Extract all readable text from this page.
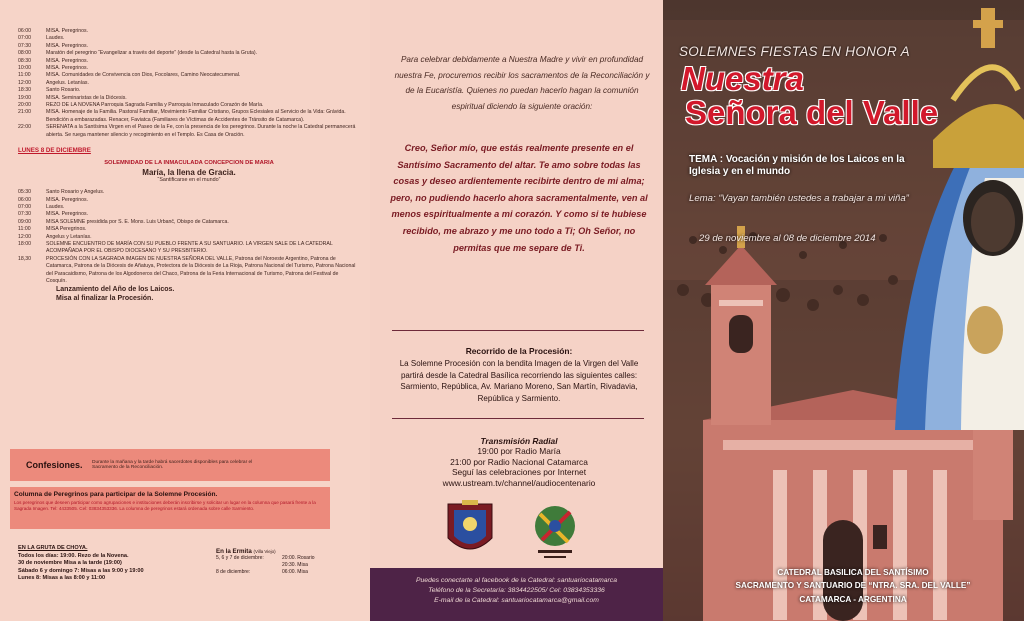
06:00	MISA. Peregrinos.
07:00	Laudes.
07:30	MISA. Peregrinos.
08:00	Maratón del peregrino “Evangelizar a través del deporte” (desde la Catedral hasta la Gruta).
08:30	MISA. Peregrinos.
10:00	MISA. Peregrinos.
11:00	MISA. Comunidades de Convivencia con Dios, Focolares, Camino Neocatecumenal.
12:00	Angelus. Letanías.
18:30	Santo Rosario.
19:00	MISA. Seminaristas de la Diócesis.
20:00	REZO DE LA NOVENA Parroquia Sagrada Familia y Parroquia Inmaculado Corazón de María.
21:00	MISA. Homenaje de la Familia. Pastoral Familiar, Movimiento Familiar Cristiano, Grupos Eclesiales al Servicio de la Vida: Grávida. Bendición a embarazadas. Renacer, Faviatca (Familiares de Víctimas de Accidentes de Tránsito de Catamarca).
22:00	SERENATA a la Santísima Virgen en el Paseo de la Fe, con la presencia de los peregrinos. Durante la noche la Catedral permanecerá abierta. Se ruega mantener silencio y recogimiento en el Templo. Es Casa de Oración.
LUNES 8 DE DICIEMBRE
SOLEMNIDAD DE LA INMACULADA CONCEPCION DE MARIA
María, la llena de Gracia.
“Santificarse en el mundo”
05:30	Santo Rosario y Angelus.
06:00	MISA. Peregrinos.
07:00	Laudes.
07:30	MISA. Peregrinos.
09:00	MISA SOLEMNE presidida por S. E. Mons. Luis Urbanč, Obispo de Catamarca.
11:00	MISA Peregrinos.
12:00	Angelus y Letanías.
18:00	SOLEMNE ENCUENTRO DE MARÍA CON SU PUEBLO FRENTE A SU SANTUARIO. LA VIRGEN SALE DE LA CATEDRAL ACOMPAÑADA POR EL OBISPO DIOCESANO Y SU PRESBITERIO.
18,30	PROCESIÓN CON LA SAGRADA IMAGEN DE NUESTRA SEÑORA DEL VALLE, Patrona del Noroeste Argentino, Patrona de Catamarca, Patrona de la Diócesis de Añatuya, Protectora de la Diócesis de La Rioja, Patrona Nacional del Turismo, Patrona Nacional del Paracaidismo, Patrona de los Algodoneros del Chaco, Patrona de la Feria Internacional de Turismo, Patrona del Festival de Cosquín.
Lanzamiento del Año de los Laicos.
Misa al finalizar la Procesión.
Confesiones.	Durante la mañana y la tarde habrá sacerdotes disponibles para celebrar el Sacramento de la Reconciliación.
Columna de Peregrinos para participar de la Solemne Procesión.
Los peregrinos que deseen participar como agrupaciones e instituciones deberán inscribirse y solicitar un lugar en la columna que pasará frente a la Sagrada Imagen. Tel: 4433505. Cel: 03834353336. La columna de peregrinos estará ordenada sobre calle Sarmiento.
EN LA GRUTA DE CHOYA.
Todos los días: 19:00. Rezo de la Novena.
30 de noviembre Misa a la tarde (19:00)
Sábado 6 y domingo 7: Misas a las 9:00 y 19:00
Lunes 8: Misas a las 8:00 y 11:00
En la Ermita (Villa Viejo)
5, 6 y 7 de diciembre:	20:00. Rosario
20:30. Misa
8 de diciembre:	06:00. Misa
Para celebrar debidamente a Nuestra Madre y vivir en profundidad nuestra Fe, procuremos recibir los sacramentos de la Reconciliación y de la Eucaristía. Quienes no puedan hacerlo hagan la comunión espiritual diciendo la siguiente oración:
Creo, Señor mío, que estás realmente presente en el Santísimo Sacramento del altar. Te amo sobre todas las cosas y deseo ardientemente recibirte dentro de mi alma; pero, no pudiendo hacerlo ahora sacramentalmente, ven al menos espiritualmente a mi corazón. Y como si te hubiese recibido, me abrazo y me uno todo a Ti; Oh Señor, no permitas que me separe de Ti.
Recorrido de la Procesión:
La Solemne Procesión con la bendita Imagen de la Virgen del Valle partirá desde la Catedral Basílica recorriendo las siguientes calles: Sarmiento, República, Av. Mariano Moreno, San Martín, Rivadavia, República y Sarmiento.
Transmisión Radial
19:00 por Radio María
21:00 por Radio Nacional Catamarca
Seguí las celebraciones por Internet
www.ustream.tv/channel/audiocentenario
Puedes conectarte al facebook de la Catedral: santuariocatamarca
Teléfono de la Secretaría: 3834422505/ Cel: 03834353336
E-mail de la Catedral: santuariocatamarca@gmail.com
SOLEMNES FIESTAS EN HONOR A
Nuestra
Señora del Valle
TEMA : Vocación y misión de los Laicos en la Iglesia y en el mundo
Lema: “Vayan también ustedes a trabajar a mi viña”
29 de noviembre al 08 de diciembre 2014
CATEDRAL BASILICA DEL SANTÍSIMO
SACRAMENTO Y SANTUARIO DE “NTRA. SRA. DEL VALLE”
CATAMARCA - ARGENTINA
